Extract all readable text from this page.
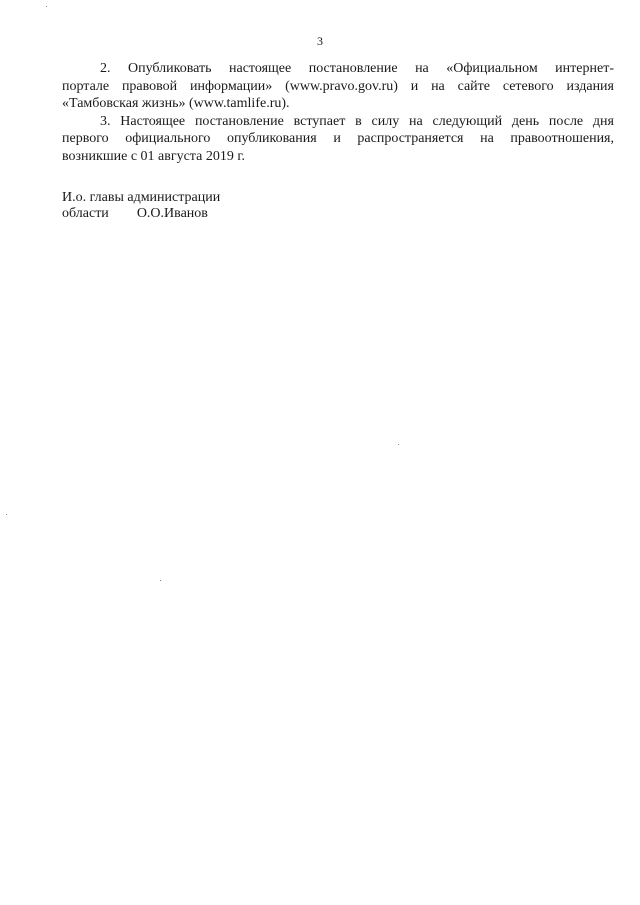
3

2. Опубликовать настоящее постановление на «Официальном интернет-
портале правовой информации» (www.pravo.gov.ru) и на сайте сетевого издания
«Тамбовская жизнь» (www.tamlife.ru).

3. Настоящее постановление вступает в силу на следующий день после дня
первого официального опубликования и распространяется на правоотношения,
возникшие с 01 августа 2019 г.

И.о. главы администрации
области О.О.Иванов
